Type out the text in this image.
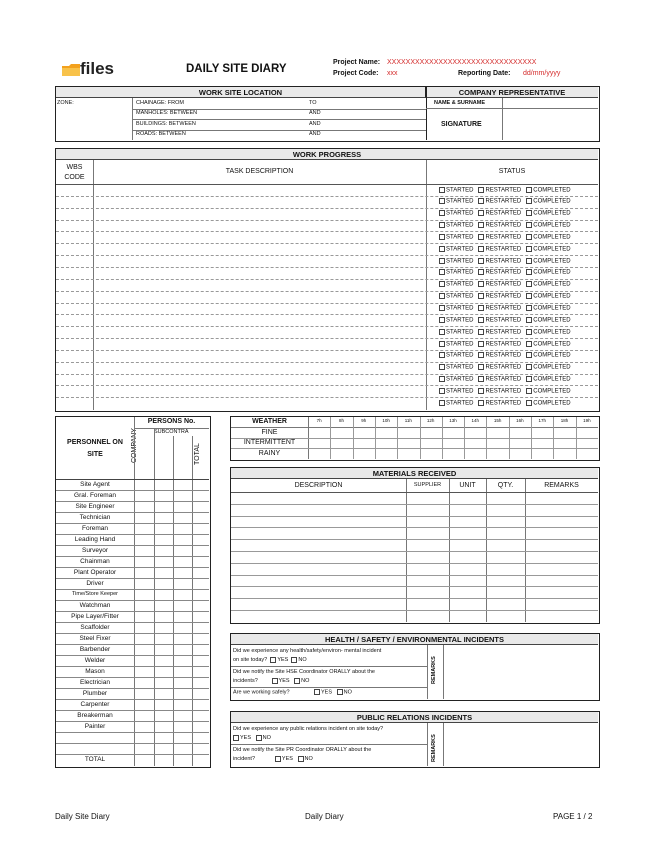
files	DAILY SITE DIARY
Project Name: XXXXXXXXXXXXXXXXXXXXXXXXXXXXXXXX
Project Code: xxx	Reporting Date: dd/mm/yyyy
WORK SITE LOCATION	COMPANY REPRESENTATIVE
ZONE:	CHAINAGE: FROM	TO
MANHOLES: BETWEEN	AND
BUILDINGS: BETWEEN	AND
ROADS: BETWEEN	AND
NAME & SURNAME
SIGNATURE
WORK PROGRESS
WBS
CODE
TASK DESCRIPTION	STATUS
STARTED RESTARTED COMPLETED
STARTED RESTARTED COMPLETED
STARTED RESTARTED COMPLETED
STARTED RESTARTED COMPLETED
STARTED RESTARTED COMPLETED
STARTED RESTARTED COMPLETED
STARTED RESTARTED COMPLETED
STARTED RESTARTED COMPLETED
STARTED RESTARTED COMPLETED
STARTED RESTARTED COMPLETED
STARTED RESTARTED COMPLETED
STARTED RESTARTED COMPLETED
STARTED RESTARTED COMPLETED
STARTED RESTARTED COMPLETED
STARTED RESTARTED COMPLETED
STARTED RESTARTED COMPLETED
STARTED RESTARTED COMPLETED
STARTED RESTARTED COMPLETED
STARTED RESTARTED COMPLETED
PERSONNEL ON
SITE
PERSONS No.
SUBCONTRA
COMPANY	TOTAL
Site Agent
Gral. Foreman
Site Engineer
Technician
Foreman
Leading Hand
Surveyor
Chainman
Plant Operator
Driver
Time/Store Keeper
Watchman
Pipe Layer/Fitter
Scaffolder
Steel Fixer
Barbender
Welder
Mason
Electrician
Plumber
Carpenter
Breakerman
Painter
TOTAL
WEATHER	7h	8h	9h	10h	11h	12h	13h	14h	15h	16h	17h	18h	19h
FINE
INTERMITTENT
RAINY
MATERIALS RECEIVED
DESCRIPTION	SUPPLIER	UNIT	QTY.	REMARKS
HEALTH / SAFETY / ENVIRONMENTAL INCIDENTS
REMARKS
Did we experience any health/safety/environ- mental incident
on site today? YES NO
Did we notify the Site HSE Coordinator ORALLY about the
incidents?	YES NO
Are we working safely?	YES NO
PUBLIC RELATIONS INCIDENTS
REMARKS
Did we experience any public relations incident on site today?
YES NO
Did we notify the Site PR Coordinator ORALLY about the
incident?	YES NO
Daily Site Diary	Daily Diary	PAGE 1 / 2
